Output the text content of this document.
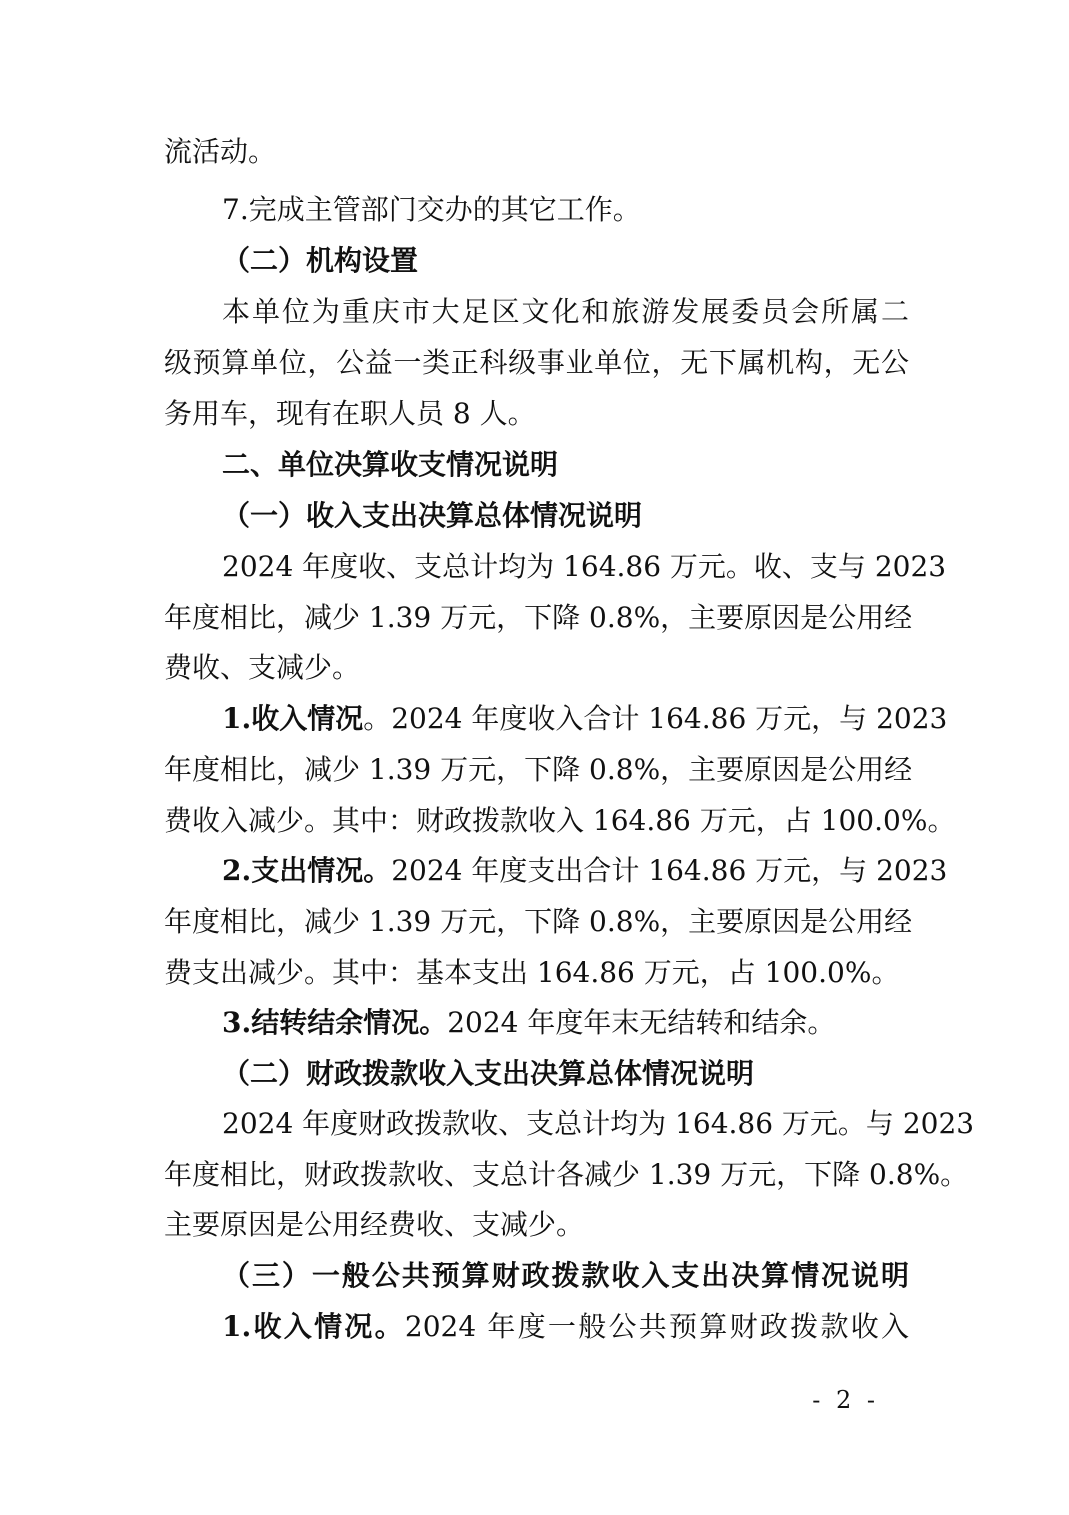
流活动。
7.完成主管部门交办的其它工作。
（二）机构设置
本单位为重庆市大足区文化和旅游发展委员会所属二
级预算单位，公益一类正科级事业单位，无下属机构，无公
务用车，现有在职人员 8 人。
二、单位决算收支情况说明
（一）收入支出决算总体情况说明
2024 年度收、支总计均为 164.86 万元。收、支与 2023
年度相比，减少 1.39 万元，下降 0.8%，主要原因是公用经
费收、支减少。
1.收入情况。2024 年度收入合计 164.86 万元，与 2023
年度相比，减少 1.39 万元，下降 0.8%，主要原因是公用经
费收入减少。其中：财政拨款收入 164.86 万元，占 100.0%。
2.支出情况。2024 年度支出合计 164.86 万元，与 2023
年度相比，减少 1.39 万元，下降 0.8%，主要原因是公用经
费支出减少。其中：基本支出 164.86 万元，占 100.0%。
3.结转结余情况。2024 年度年末无结转和结余。
（二）财政拨款收入支出决算总体情况说明
2024 年度财政拨款收、支总计均为 164.86 万元。与 2023
年度相比，财政拨款收、支总计各减少 1.39 万元，下降 0.8%。
主要原因是公用经费收、支减少。
（三）一般公共预算财政拨款收入支出决算情况说明
1.收入情况。2024 年度一般公共预算财政拨款收入
- 2 -
